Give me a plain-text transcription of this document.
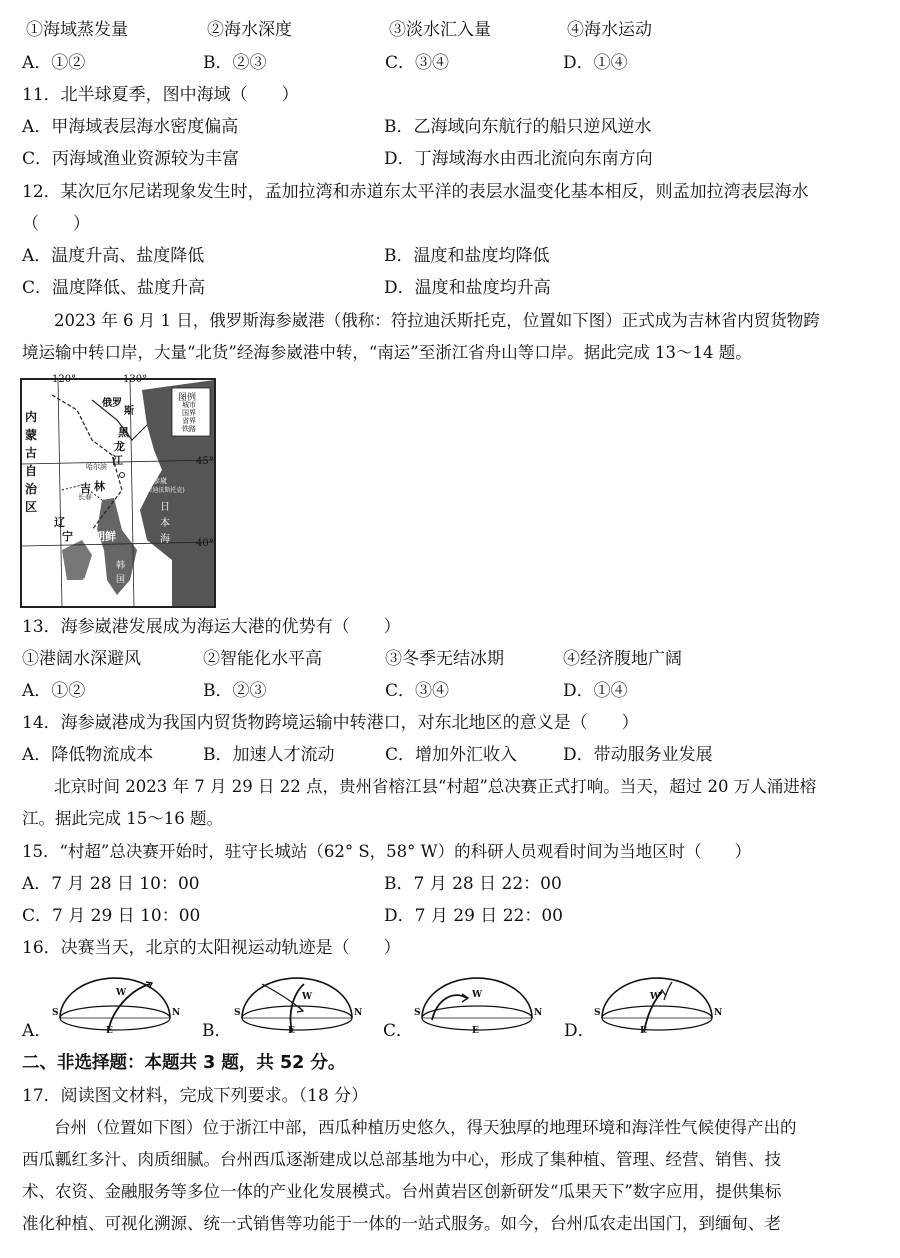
①海域蒸发量	②海水深度	③淡水汇入量	④海水运动
A．①②	B．②③	C．③④	D．①④
11．北半球夏季，图中海域（　　）
A．甲海域表层海水密度偏高	B．乙海域向东航行的船只逆风逆水
C．丙海域渔业资源较为丰富	D．丁海域海水由西北流向东南方向
12．某次厄尔尼诺现象发生时，孟加拉湾和赤道东太平洋的表层水温变化基本相反，则孟加拉湾表层海水
（　　）
A．温度升高、盐度降低	B．温度和盐度均降低
C．温度降低、盐度升高	D．温度和盐度均升高
2023 年 6 月 1 日，俄罗斯海参崴港（俄称：符拉迪沃斯托克，位置如下图）正式成为吉林省内贸货物跨
境运输中转口岸，大量“北货”经海参崴港中转，“南运”至浙江省舟山等口岸。据此完成 13～14 题。
120°	130°
45°
40°
图例
城市
国界
省界
铁路
内
蒙
古
自
治
区
俄罗
斯
黑
龙
江
哈尔滨
吉 林
长春
辽
宁 朝鲜
韩
国
日
本
海
黄
海
海参崴
(符拉迪沃斯托克)
13．海参崴港发展成为海运大港的优势有（　　）
①港阔水深避风	②智能化水平高	③冬季无结冰期	④经济腹地广阔
A．①②	B．②③	C．③④	D．①④
14．海参崴港成为我国内贸货物跨境运输中转港口，对东北地区的意义是（　　）
A．降低物流成本	B．加速人才流动	C．增加外汇收入	D．带动服务业发展
北京时间 2023 年 7 月 29 日 22 点，贵州省榕江县“村超”总决赛正式打响。当天，超过 20 万人涌进榕
江。据此完成 15～16 题。
15．“村超”总决赛开始时，驻守长城站（62° S，58° W）的科研人员观看时间为当地区时（　　）
A．7 月 28 日 10：00	B．7 月 28 日 22：00
C．7 月 29 日 10：00	D．7 月 29 日 22：00
16．决赛当天，北京的太阳视运动轨迹是（　　）
A．
S	N
E
W
B．
S	N
E
W
C．
S	N
E
W
D．
S	N
E
W
二、非选择题：本题共 3 题，共 52 分。
17．阅读图文材料，完成下列要求。（18 分）
台州（位置如下图）位于浙江中部，西瓜种植历史悠久，得天独厚的地理环境和海洋性气候使得产出的
西瓜瓤红多汁、肉质细腻。台州西瓜逐渐建成以总部基地为中心，形成了集种植、管理、经营、销售、技
术、农资、金融服务等多位一体的产业化发展模式。台州黄岩区创新研发“瓜果天下”数字应用，提供集标
准化种植、可视化溯源、统一式销售等功能于一体的一站式服务。如今，台州瓜农走出国门，到缅甸、老
